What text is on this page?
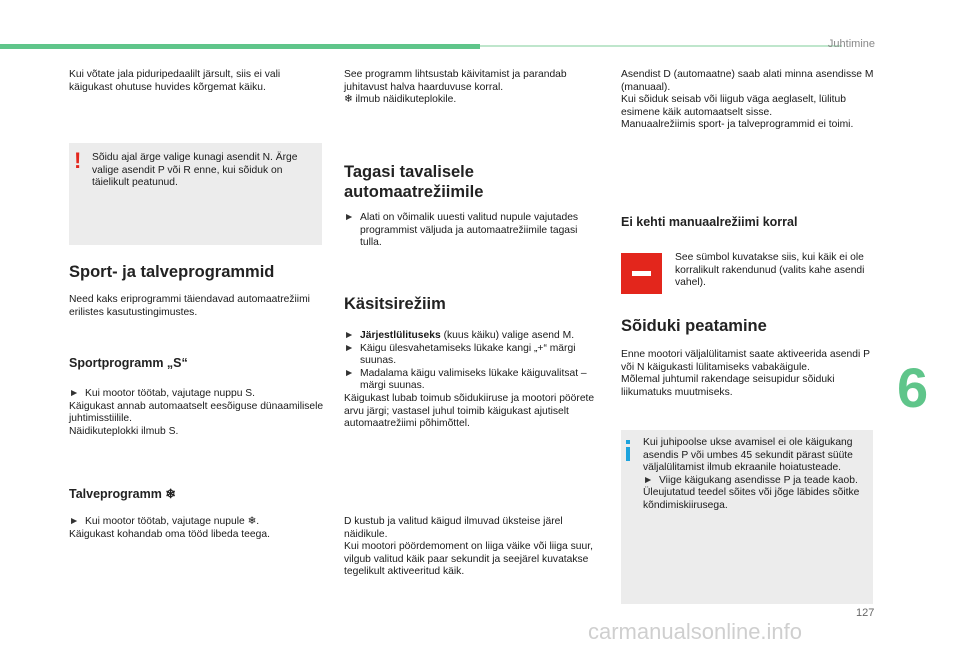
Juhtimine

Kui võtate jala piduripedaalilt järsult, siis ei vali käigukast ohutuse huvides kõrgemat käiku.

! Sõidu ajal ärge valige kunagi asendit N. Ärge valige asendit P või R enne, kui sõiduk on täielikult peatunud.

Sport- ja talveprogrammid

Need kaks eriprogrammi täiendavad automaatrežiimi erilistes kasutustingimustes.

Sportprogramm „S“
► Kui mootor töötab, vajutage nuppu S.

Käigukast annab automaatselt eesõiguse dünaamilisele juhtimisstiilile.

Näidikuteplokki ilmub S.

Talveprogramm ❄
► Kui mootor töötab, vajutage nupule ❄.

Käigukast kohandab oma tööd libeda teega.

See programm lihtsustab käivitamist ja parandab juhitavust halva haarduvuse korral.

❄ ilmub näidikuteplokile.

Tagasi tavalisele automaatrežiimile
► Alati on võimalik uuesti valitud nupule vajutades programmist väljuda ja automaatrežiimile tagasi tulla.
Käsitsirežiim
► Järjestlülituseks (kuus käiku) valige asend M.
► Käigu ülesvahetamiseks lükake kangi „+“ märgi suunas.
► Madalama käigu valimiseks lükake käiguvalitsat – märgi suunas.

Käigukast lubab toimub sõidukiiruse ja mootori pöörete arvu järgi; vastasel juhul toimib käigukast ajutiselt automaatrežiimi põhimõttel.

D kustub ja valitud käigud ilmuvad üksteise järel näidikule.

Kui mootori pöördemoment on liiga väike või liiga suur, vilgub valitud käik paar sekundit ja seejärel kuvatakse tegelikult aktiveeritud käik.

Asendist D (automaatne) saab alati minna asendisse M (manuaal).

Kui sõiduk seisab või liigub väga aeglaselt, lülitub esimene käik automaatselt sisse.

Manuaalrežiimis sport- ja talveprogrammid ei toimi.

Ei kehti manuaalrežiimi korral

See sümbol kuvatakse siis, kui käik ei ole korralikult rakendunud (valits kahe asendi vahel).

Sõiduki peatamine

Enne mootori väljalülitamist saate aktiveerida asendi P või N käigukasti lülitamiseks vabakäigule.

Mõlemal juhtumil rakendage seisupidur sõiduki liikumatuks muutmiseks.

Kui juhipoolse ukse avamisel ei ole käigukang asendis P või umbes 45 sekundit pärast süüte väljalülitamist ilmub ekraanile hoiatusteade.

► Viige käigukang asendisse P ja teade kaob.

Üleujutatud teedel sõites või jõge läbides sõitke kõndimiskiirusega.

6
127
carmanualsonline.info
